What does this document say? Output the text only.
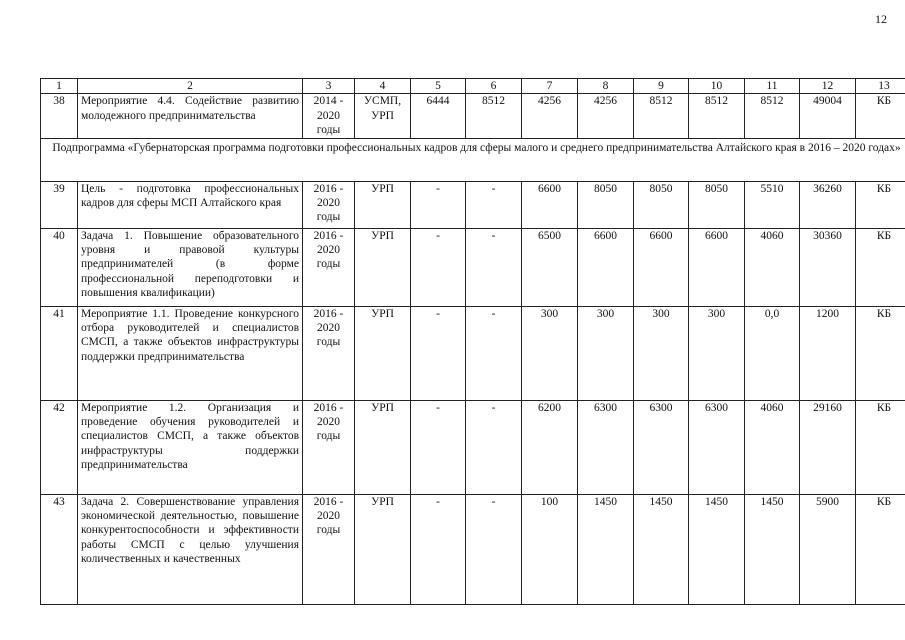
12
1	2	3	4	5	6	7	8	9	10	11	12	13
38	Мероприятие 4.4. Содействие развитию молодежного предпринимательства	2014 - 2020 годы	УСМП, УРП	6444	8512	4256	4256	8512	8512	8512	49004	КБ
Подпрограмма «Губернаторская программа подготовки профессиональных кадров для сферы малого и среднего предпринимательства Алтайского края в 2016 – 2020 годах»												
39	Цель - подготовка профессиональных кадров для сферы МСП Алтайского края	2016 - 2020 годы	УРП	-	-	6600	8050	8050	8050	5510	36260	КБ
40	Задача 1. Повышение образовательного уровня и правовой культуры предпринимателей (в форме профессиональной переподготовки и повышения квалификации)	2016 - 2020 годы	УРП	-	-	6500	6600	6600	6600	4060	30360	КБ
41	Мероприятие 1.1. Проведение конкурсного отбора руководителей и специалистов СМСП, а также объектов инфраструктуры поддержки предпринимательства	2016 - 2020 годы	УРП	-	-	300	300	300	300	0,0	1200	КБ
42	Мероприятие 1.2. Организация и проведение обучения руководителей и специалистов СМСП, а также объектов инфраструктуры поддержки предпринимательства	2016 - 2020 годы	УРП	-	-	6200	6300	6300	6300	4060	29160	КБ
43	Задача 2. Совершенствование управления экономической деятельностью, повышение конкурентоспособности и эффективности работы СМСП с целью улучшения количественных и качественных	2016 - 2020 годы	УРП	-	-	100	1450	1450	1450	1450	5900	КБ
